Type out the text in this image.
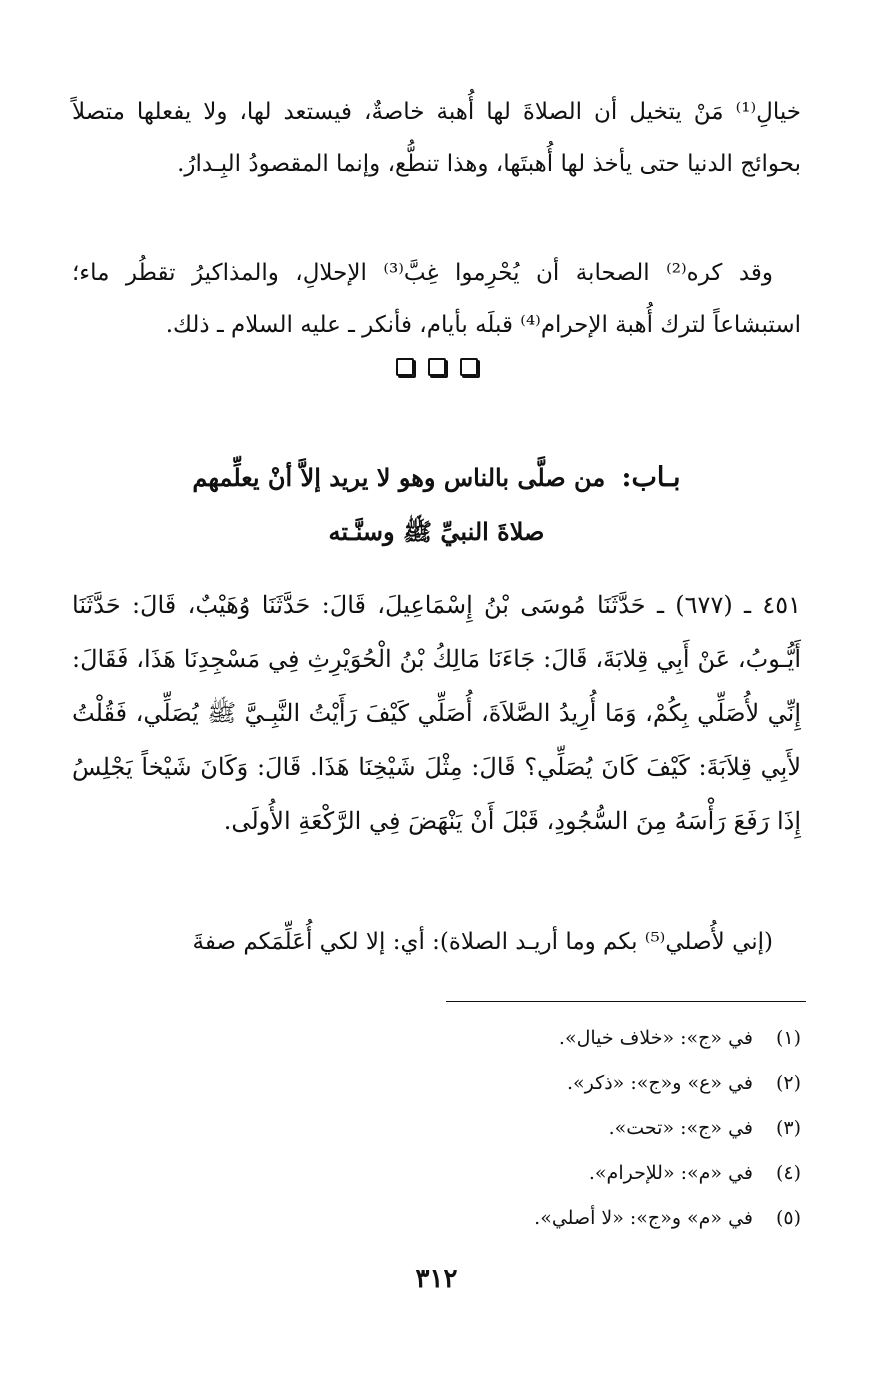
خيالِ⁽¹⁾ مَنْ يتخيل أن الصلاةَ لها أُهبة خاصةٌ، فيستعد لها، ولا يفعلها متصلاً بحوائج الدنيا حتى يأخذ لها أُهبتَها، وهذا تنطُّع، وإنما المقصودُ البِـدارُ.

وقد كره⁽²⁾ الصحابة أن يُحْرِموا غِبَّ⁽³⁾ الإحلالِ، والمذاكيرُ تقطُر ماء؛ استبشاعاً لترك أُهبة الإحرام⁽⁴⁾ قبلَه بأيام، فأنكر ـ عليه السلام ـ ذلك.

بـاب: من صلَّى بالناس وهو لا يريد إلاَّ أنْ يعلِّمهم
صلاةَ النبيِّ ﷺ وسنَّـته

٤٥١ ـ (٦٧٧) ـ حَدَّثَنَا مُوسَى بْنُ إِسْمَاعِيلَ، قَالَ: حَدَّثَنَا وُهَيْبٌ، قَالَ: حَدَّثَنَا أَيُّـوبُ، عَنْ أَبِي قِلابَةَ، قَالَ: جَاءَنَا مَالِكُ بْنُ الْحُوَيْرِثِ فِي مَسْجِدِنَا هَذَا، فَقَالَ: إِنِّي لأُصَلِّي بِكُمْ، وَمَا أُرِيدُ الصَّلاَةَ، أُصَلِّي كَيْفَ رَأَيْتُ النَّبِـيَّ ﷺ يُصَلِّي، فَقُلْتُ لأَبِي قِلاَبَةَ: كَيْفَ كَانَ يُصَلِّي؟ قَالَ: مِثْلَ شَيْخِنَا هَذَا. قَالَ: وَكَانَ شَيْخاً يَجْلِسُ إِذَا رَفَعَ رَأْسَهُ مِنَ السُّجُودِ، قَبْلَ أَنْ يَنْهَضَ فِي الرَّكْعَةِ الأُولَى.

(إني لأُصلي⁽⁵⁾ بكم وما أريـد الصلاة): أي: إلا لكي أُعَلِّمَكم صفةَ

(١)في «ج»: «خلاف خيال».
(٢)في «ع» و«ج»: «ذكر».
(٣)في «ج»: «تحت».
(٤)في «م»: «للإحرام».
(٥)في «م» و«ج»: «لا أصلي».
٣١٢
